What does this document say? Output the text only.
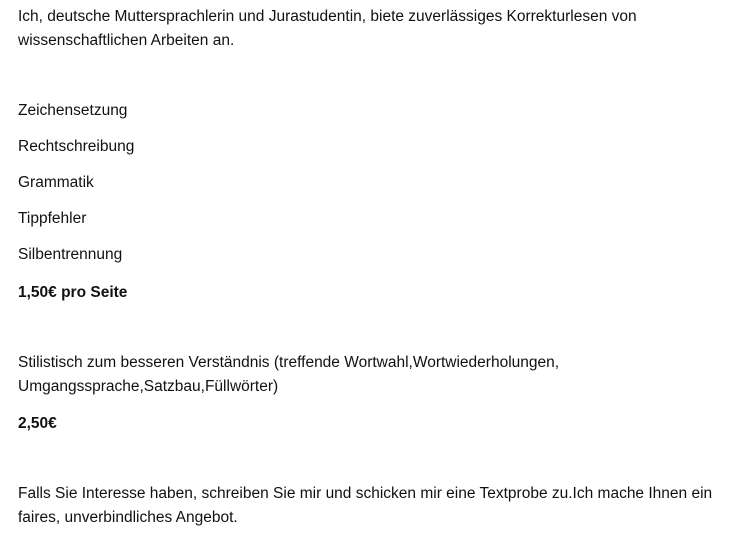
Ich, deutsche Muttersprachlerin und Jurastudentin, biete zuverlässiges Korrekturlesen von wissenschaftlichen Arbeiten an.

Zeichensetzung
Rechtschreibung
Grammatik
Tippfehler
Silbentrennung

1,50€ pro Seite

Stilistisch zum besseren Verständnis (treffende Wortwahl,Wortwiederholungen, Umgangssprache,Satzbau,Füllwörter)

2,50€

Falls Sie Interesse haben, schreiben Sie mir und schicken mir eine Textprobe zu.Ich mache Ihnen ein faires, unverbindliches Angebot.
